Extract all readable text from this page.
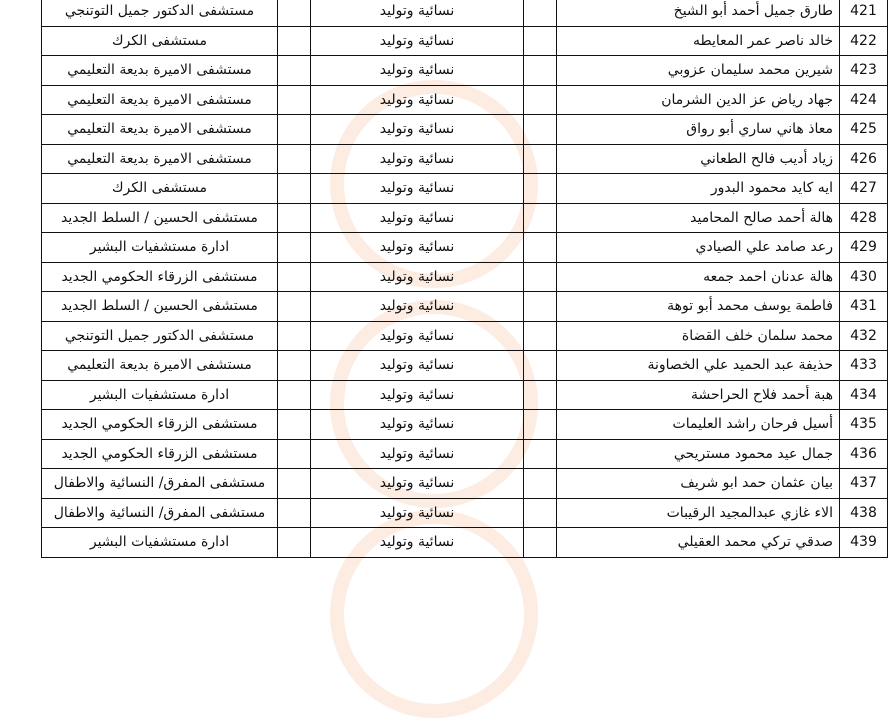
421	طارق جميل أحمد أبو الشيخ		نسائية وتوليد		مستشفى الدكتور جميل التوتنجي
422	خالد ناصر عمر المعايطه		نسائية وتوليد		مستشفى الكرك
423	شيرين محمد سليمان عزوبي		نسائية وتوليد		مستشفى الاميرة بديعة التعليمي
424	جهاد رياض عز الدين الشرمان		نسائية وتوليد		مستشفى الاميرة بديعة التعليمي
425	معاذ هاني ساري أبو رواق		نسائية وتوليد		مستشفى الاميرة بديعة التعليمي
426	زياد أديب فالح الطعاني		نسائية وتوليد		مستشفى الاميرة بديعة التعليمي
427	ايه كايد محمود البدور		نسائية وتوليد		مستشفى الكرك
428	هالة أحمد صالح المحاميد		نسائية وتوليد		مستشفى الحسين / السلط الجديد
429	رعد صامد علي الصيادي		نسائية وتوليد		ادارة مستشفيات البشير
430	هالة عدنان احمد جمعه		نسائية وتوليد		مستشفى الزرقاء الحكومي الجديد
431	فاطمة يوسف محمد أبو توهة		نسائية وتوليد		مستشفى الحسين / السلط الجديد
432	محمد سلمان خلف القضاة		نسائية وتوليد		مستشفى الدكتور جميل التوتنجي
433	حذيفة عبد الحميد علي الخصاونة		نسائية وتوليد		مستشفى الاميرة بديعة التعليمي
434	هبة أحمد فلاح الحراحشة		نسائية وتوليد		ادارة مستشفيات البشير
435	أسيل فرحان راشد العليمات		نسائية وتوليد		مستشفى الزرقاء الحكومي الجديد
436	جمال عيد محمود مستريحي		نسائية وتوليد		مستشفى الزرقاء الحكومي الجديد
437	بيان عثمان حمد ابو شريف		نسائية وتوليد		مستشفى المفرق/ النسائية والاطفال
438	الاء غازي عبدالمجيد الرقيبات		نسائية وتوليد		مستشفى المفرق/ النسائية والاطفال
439	صدقي تركي محمد العقيلي		نسائية وتوليد		ادارة مستشفيات البشير
